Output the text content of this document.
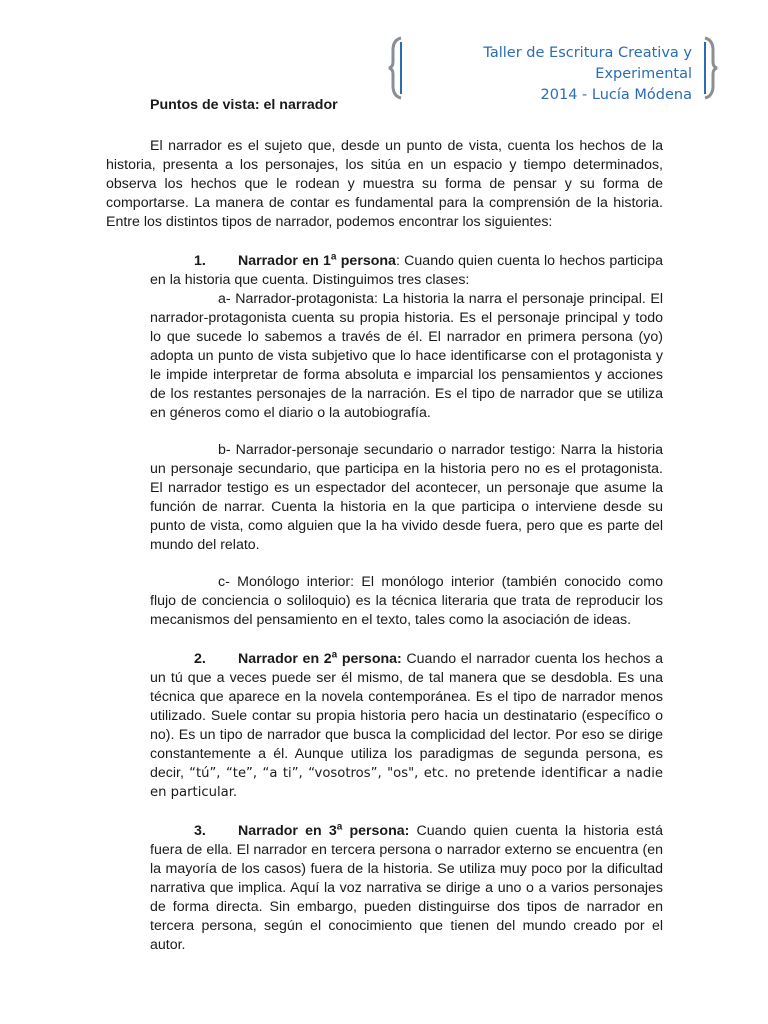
Taller de Escritura Creativa y Experimental
2014 - Lucía Módena
Puntos de vista: el narrador

El narrador es el sujeto que, desde un punto de vista, cuenta los hechos de la historia, presenta a los personajes, los sitúa en un espacio y tiempo determinados, observa los hechos que le rodean y muestra su forma de pensar y su forma de comportarse. La manera de contar es fundamental para la comprensión de la historia. Entre los distintos tipos de narrador, podemos encontrar los siguientes:

1. Narrador en 1$^a$ persona: Cuando quien cuenta lo hechos participa en la historia que cuenta. Distinguimos tres clases:

a- Narrador-protagonista: La historia la narra el personaje principal. El narrador-protagonista cuenta su propia historia. Es el personaje principal y todo lo que sucede lo sabemos a través de él. El narrador en primera persona (yo) adopta un punto de vista subjetivo que lo hace identificarse con el protagonista y le impide interpretar de forma absoluta e imparcial los pensamientos y acciones de los restantes personajes de la narración. Es el tipo de narrador que se utiliza en géneros como el diario o la autobiografía.

b- Narrador-personaje secundario o narrador testigo: Narra la historia un personaje secundario, que participa en la historia pero no es el protagonista. El narrador testigo es un espectador del acontecer, un personaje que asume la función de narrar. Cuenta la historia en la que participa o interviene desde su punto de vista, como alguien que la ha vivido desde fuera, pero que es parte del mundo del relato.

c- Monólogo interior: El monólogo interior (también conocido como flujo de conciencia o soliloquio) es la técnica literaria que trata de reproducir los mecanismos del pensamiento en el texto, tales como la asociación de ideas.

2. Narrador en 2$^a$ persona: Cuando el narrador cuenta los hechos a un tú que a veces puede ser él mismo, de tal manera que se desdobla. Es una técnica que aparece en la novela contemporánea. Es el tipo de narrador menos utilizado. Suele contar su propia historia pero hacia un destinatario (específico o no). Es un tipo de narrador que busca la complicidad del lector. Por eso se dirige constantemente a él. Aunque utiliza los paradigmas de segunda persona, es decir, “tú”, “te”, “a ti”, “vosotros”, "os", etc. no pretende identificar a nadie en particular.

3. Narrador en 3$^a$ persona: Cuando quien cuenta la historia está fuera de ella. El narrador en tercera persona o narrador externo se encuentra (en la mayoría de los casos) fuera de la historia. Se utiliza muy poco por la dificultad narrativa que implica. Aquí la voz narrativa se dirige a uno o a varios personajes de forma directa. Sin embargo, pueden distinguirse dos tipos de narrador en tercera persona, según el conocimiento que tienen del mundo creado por el autor.
